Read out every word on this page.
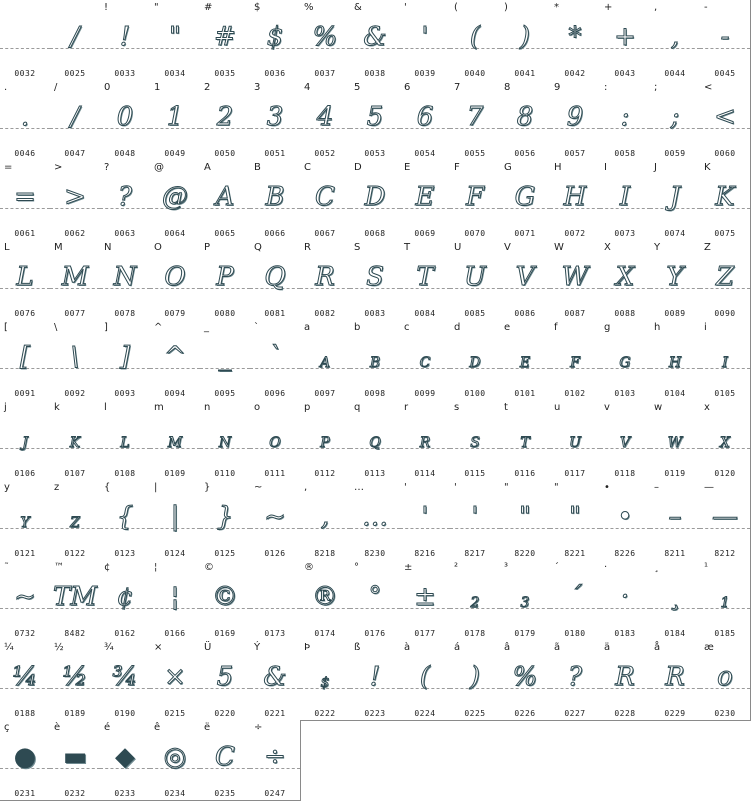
0032
/
0025
!
!
0033
"
"
0034
#
#
0035
$
$
0036
%
%
0037
&
&
0038
'
'
0039
(
(
0040
)
)
0041
*
*
0042
+
+
0043
,
,
0044
-
-
0045
.
.
0046
/
/
0047
0
0
0048
1
1
0049
2
2
0050
3
3
0051
4
4
0052
5
5
0053
6
6
0054
7
7
0055
8
8
0056
9
9
0057
:
:
0058
;
;
0059
<
<
0060
=
=
0061
>
>
0062
?
?
0063
@
@
0064
A
A
0065
B
B
0066
C
C
0067
D
D
0068
E
E
0069
F
F
0070
G
G
0071
H
H
0072
I
I
0073
J
J
0074
K
K
0075
L
L
0076
M
M
0077
N
N
0078
O
O
0079
P
P
0080
Q
Q
0081
R
R
0082
S
S
0083
T
T
0084
U
U
0085
V
V
0086
W
W
0087
X
X
0088
Y
Y
0089
Z
Z
0090
[
[
0091
\
\
0092
]
]
0093
^
^
0094
_
_
0095
`
`
0096
a
A
0097
b
B
0098
c
C
0099
d
D
0100
e
E
0101
f
F
0102
g
G
0103
h
H
0104
i
I
0105
j
J
0106
k
K
0107
l
L
0108
m
M
0109
n
N
0110
o
O
0111
p
P
0112
q
Q
0113
r
R
0114
s
S
0115
t
T
0116
u
U
0117
v
V
0118
w
W
0119
x
X
0120
y
Y
0121
z
Z
0122
{
{
0123
|
|
0124
}
}
0125
~
~
0126
,
,
8218
…
…
8230
'
'
8216
'
'
8217
"
"
8220
"
"
8221
•
•
8226
–
–
8211
—
—
8212
˜
~
0732
™
TM
8482
¢
¢
0162
¦
¦
0166
©
©
0169	0173
®
®
0174
°
°
0176
±
±
0177
²
2
0178
³
3
0179
´
´
0180
·
·
0183
¸
¸
0184
¹
1
0185
¼
¼
0188
½
½
0189
¾
¾
0190
×
×
0215
Ü
5
0220
Ý
&
0221
Þ
$
0222
ß
!
0223
à
(
0224
á
)
0225
â
%
0226
ã
?
0227
ä
R
0228
å
R
0229
æ
o
0230
ç
●
0231
è
▬
0232
é
◆
0233
ê
◎
0234
ë
C
0235
÷
÷
0247
